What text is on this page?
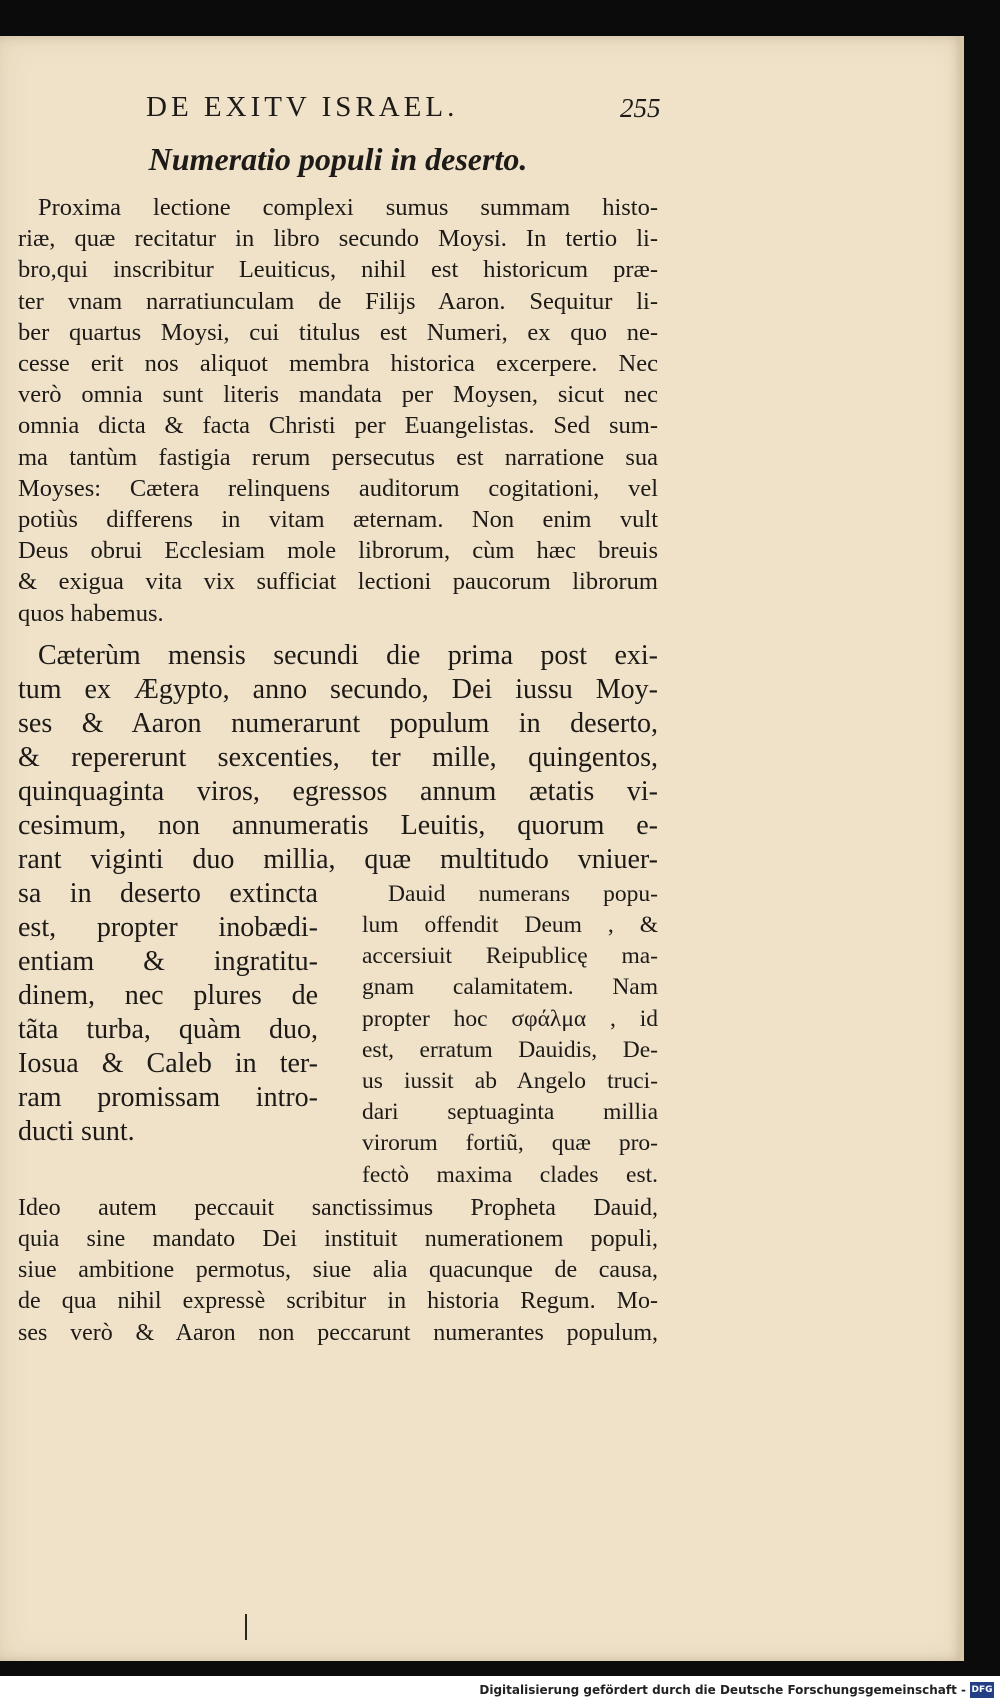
DE EXITV ISRAEL.	255
Numeratio populi in deserto.
Proxima lectione complexi sumus summam histo-
riæ, quæ recitatur in libro secundo Moysi. In tertio li-
bro,qui inscribitur Leuiticus, nihil est historicum præ-
ter vnam narratiunculam de Filijs Aaron. Sequitur li-
ber quartus Moysi, cui titulus est Numeri, ex quo ne-
cesse erit nos aliquot membra historica excerpere. Nec
verò omnia sunt literis mandata per Moysen, sicut nec
omnia dicta & facta Christi per Euangelistas. Sed sum-
ma tantùm fastigia rerum persecutus est narratione sua
Moyses: Cætera relinquens auditorum cogitationi, vel
potiùs differens in vitam æternam. Non enim vult
Deus obrui Ecclesiam mole librorum, cùm hæc breuis
& exigua vita vix sufficiat lectioni paucorum librorum
quos habemus.
Cæterùm mensis secundi die prima post exi-
tum ex Ægypto, anno secundo, Dei iussu Moy-
ses & Aaron numerarunt populum in deserto,
& repererunt sexcenties, ter mille, quingentos,
quinquaginta viros, egressos annum ætatis vi-
cesimum, non annumeratis Leuitis, quorum e-
rant viginti duo millia, quæ multitudo vniuer-
sa in deserto extincta
est, propter inobædi-
entiam & ingratitu-
dinem, nec plures de
tãta turba, quàm duo,
Iosua & Caleb in ter-
ram promissam intro-
ducti sunt.
Dauid numerans popu-
lum offendit Deum , &
accersiuit Reipublicę ma-
gnam calamitatem. Nam
propter hoc σφάλμα , id
est, erratum Dauidis, De-
us iussit ab Angelo truci-
dari septuaginta millia
virorum fortiũ, quæ pro-
fectò maxima clades est.
Ideo autem peccauit sanctissimus Propheta Dauid,
quia sine mandato Dei instituit numerationem populi,
siue ambitione permotus, siue alia quacunque de causa,
de qua nihil expressè scribitur in historia Regum. Mo-
ses verò & Aaron non peccarunt numerantes populum,
Digitalisierung gefördert durch die Deutsche Forschungsgemeinschaft - DFG
